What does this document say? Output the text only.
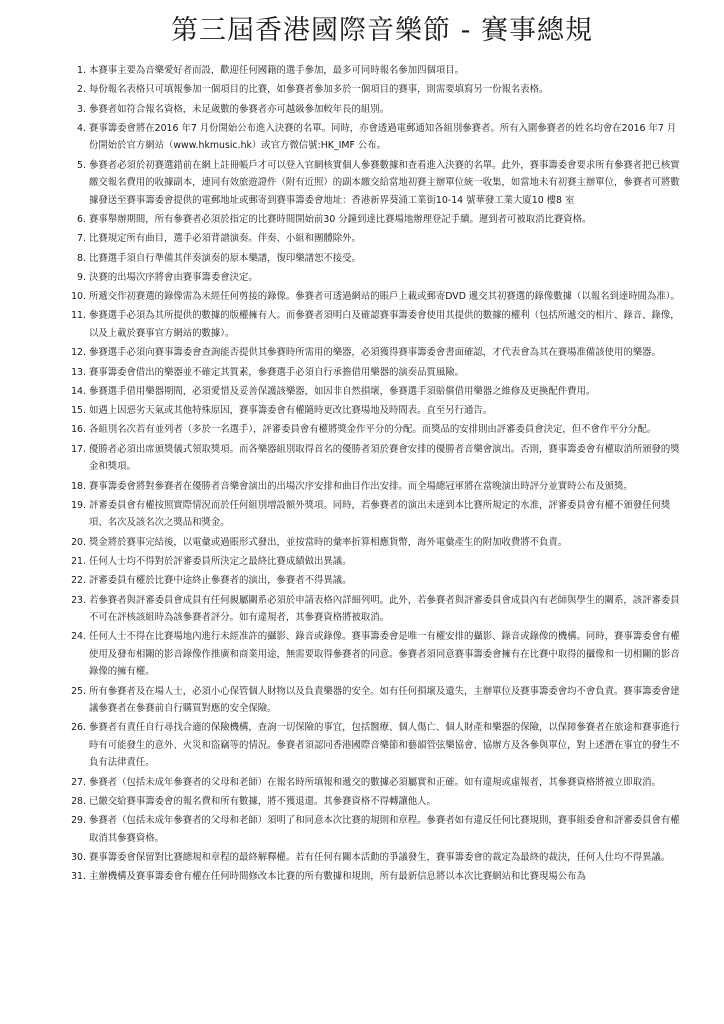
第三屆香港國際音樂節 - 賽事總規
1. 本賽事主要為音樂愛好者而設，歡迎任何國籍的選手參加，最多可同時報名參加四個項目。
2. 每份報名表格只可填報參加一個項目的比賽，如參賽者參加多於一個項目的賽事，則需要填寫另一份報名表格。
3. 參賽者如符合報名資格，未足歲數的參賽者亦可越級參加較年長的組別。
4. 賽事籌委會將在2016 年7 月份開始公布進入決賽的名單。同時，亦會透過電郵通知各組別參賽者。所有入圍參賽者的姓名均會在2016 年7 月份開始於官方網站（www.hkmusic.hk）或官方微信號:HK_IMF 公布。
5. 參賽者必須於初賽選錯前在網上註冊帳戶才可以登入官網核實個人參賽數據和查看進入決賽的名單。此外，賽事籌委會要求所有參賽者把已核實繳交報名費用的收據副本，連同有效旅遊證件（附有近照）的副本繳交給當地初賽主辦單位統一收集，如當地未有初賽主辦單位，參賽者可將數據發送至賽事籌委會提供的電郵地址或郵寄到賽事籌委會地址：香港新界葵涌工業街10-14 號華發工業大廈10 樓8 室
6. 賽事舉辦期間，所有參賽者必須於指定的比賽時間開始前30 分鐘到達比賽場地辦理登記手續。遲到者可被取消比賽資格。
7. 比賽規定所有曲目，選手必須背譜演奏。伴奏、小組和團體除外。
8. 比賽選手須自行準備其伴奏演奏的原本樂譜，復印樂譜恕不接受。
9. 決賽的出場次序將會由賽事籌委會決定。
10. 所遞交作初賽選的錄像需為未經任何剪接的錄像。參賽者可透過網站的賬戶上載或郵寄DVD 遞交其初賽選的錄像數據（以報名到達時間為准）。
11. 參賽選手必須為其所提供的數據的版權擁有人。而參賽者須明白及確認賽事籌委會使用其提供的數據的權利（包括所遞交的相片、錄音、錄像，以及上載於賽事官方網站的數據）。
12. 參賽選手必須向賽事籌委會查詢能否提供其參賽時所需用的樂器，必須獲得賽事籌委會書面確認，才代表會為其在賽場准備該使用的樂器。
13. 賽事籌委會借出的樂器並不確定其質素，參賽選手必須自行承擔借用樂器的演奏品質風險。
14. 參賽選手借用樂器期間，必須愛惜及妥善保護該樂器，如因非自然損壞，參賽選手須賠償借用樂器之維修及更換配件費用。
15. 如遇上因惡劣天氣或其他特殊原因，賽事籌委會有權隨時更改比賽場地及時間表。直至另行通告。
16. 各組別名次若有並列者（多於一名選手），評審委員會有權將獎金作平分的分配。而獎品的安排則由評審委員會決定，但不會作平分分配。
17. 優勝者必須出席頒獎儀式領取獎項。而各樂器組別取得首名的優勝者須於賽會安排的優勝者音樂會演出。否則，賽事籌委會有權取消所頒發的獎金和獎項。
18. 賽事籌委會將對參賽者在優勝者音樂會演出的出場次序安排和曲目作出安排。而全場總冠軍將在當晚演出時評分並實時公布及頒獎。
19. 評審委員會有權按照實際情況而於任何組別增設額外獎項。同時，若參賽者的演出未達到本比賽所規定的水准，評審委員會有權不頒發任何獎項、名次及該名次之獎品和獎金。
20. 獎金將於賽事完結後，以電彙或過賬形式發出，並按當時的彙率折算相應貨幣，海外電彙產生的附加收費將不負責。
21. 任何人士均不得對於評審委員所決定之最終比賽成績做出異議。
22. 評審委員有權於比賽中途終止參賽者的演出，參賽者不得異議。
23. 若參賽者與評審委員會成員有任何親屬關系必須於申請表格內詳細列明。此外，若參賽者與評審委員會成員內有老師與學生的關系，該評審委員不可在評核該組時為該參賽者評分。如有違規者，其參賽資格將被取消。
24. 任何人士不得在比賽場地內進行未經准許的攝影、錄音或錄像。賽事籌委會是唯一有權安排的攝影、錄音或錄像的機構。同時，賽事籌委會有權使用及發布相關的影音錄像作推廣和商業用途，無需要取得參賽者的同意。參賽者須同意賽事籌委會擁有在比賽中取得的攝像和一切相關的影音錄像的擁有權。
25. 所有參賽者及在場人士，必須小心保管個人財物以及負責樂器的安全。如有任何損壞及遺失，主辦單位及賽事籌委會均不會負責。賽事籌委會建議參賽者在參賽前自行購買對應的安全保險。
26. 參賽者有責任自行尋找合適的保險機構，查詢一切保險的事宜，包括醫療、個人傷亡、個人財產和樂器的保險，以保障參賽者在旅途和賽事進行時有可能發生的意外、火災和盜竊等的情況。參賽者須認同香港國際音樂節和藝韻管弦樂協會、協辦方及各參與單位，對上述潛在事宜的發生不負有法律責任。
27. 參賽者（包括未成年參賽者的父母和老師）在報名時所填報和遞交的數據必須屬實和正確。如有違規或虛報者，其參賽資格將被立即取消。
28. 已繳交給賽事籌委會的報名費和所有數據，將不獲退還。其參賽資格不得轉讓他人。
29. 參賽者（包括未成年參賽者的父母和老師）須明了和同意本次比賽的規則和章程。參賽者如有違反任何比賽規則，賽事組委會和評審委員會有權取消其參賽資格。
30. 賽事籌委會保留對比賽總規和章程的最終解釋權。若有任何有關本活動的爭議發生，賽事籌委會的裁定為最終的裁決，任何人仕均不得異議。
31. 主辦機構及賽事籌委會有權在任何時間修改本比賽的所有數據和規則，所有最新信息將以本次比賽網站和比賽現場公布為
